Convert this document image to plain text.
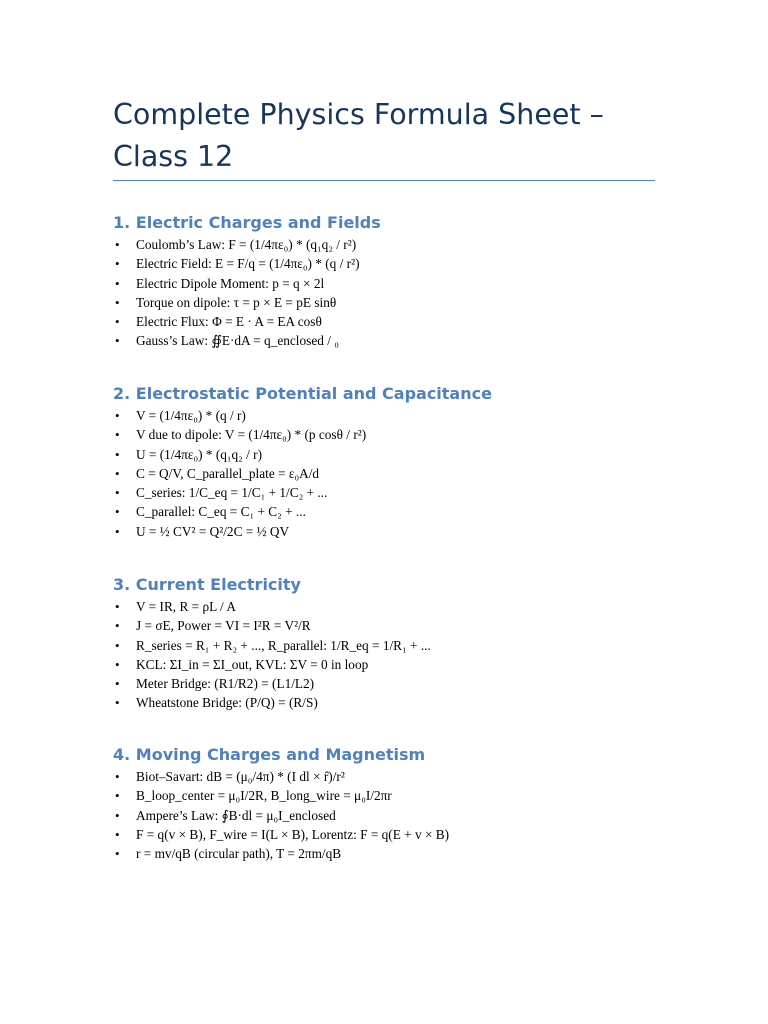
Complete Physics Formula Sheet – Class 12
1. Electric Charges and Fields
• Coulomb’s Law: F = (1/4πε₀) * (q₁q₂ / r²)
• Electric Field: E = F/q = (1/4πε₀) * (q / r²)
• Electric Dipole Moment: p = q × 2l
• Torque on dipole: τ = p × E = pE sinθ
• Electric Flux: Φ = E · A = EA cosθ
• Gauss’s Law: ∯E·dA = q_enclosed / ₀
2. Electrostatic Potential and Capacitance
• V = (1/4πε₀) * (q / r)
• V due to dipole: V = (1/4πε₀) * (p cosθ / r²)
• U = (1/4πε₀) * (q₁q₂ / r)
• C = Q/V, C_parallel_plate = ε₀A/d
• C_series: 1/C_eq = 1/C₁ + 1/C₂ + ...
• C_parallel: C_eq = C₁ + C₂ + ...
• U = ½ CV² = Q²/2C = ½ QV
3. Current Electricity
• V = IR, R = ρL / A
• J = σE, Power = VI = I²R = V²/R
• R_series = R₁ + R₂ + ..., R_parallel: 1/R_eq = 1/R₁ + ...
• KCL: ΣI_in = ΣI_out, KVL: ΣV = 0 in loop
• Meter Bridge: (R1/R2) = (L1/L2)
• Wheatstone Bridge: (P/Q) = (R/S)
4. Moving Charges and Magnetism
• Biot–Savart: dB = (μ₀/4π) * (I dl × r̂)/r²
• B_loop_center = μ₀I/2R, B_long_wire = μ₀I/2πr
• Ampere’s Law: ∮B·dl = μ₀I_enclosed
• F = q(v × B), F_wire = I(L × B), Lorentz: F = q(E + v × B)
• r = mv/qB (circular path), T = 2πm/qB
